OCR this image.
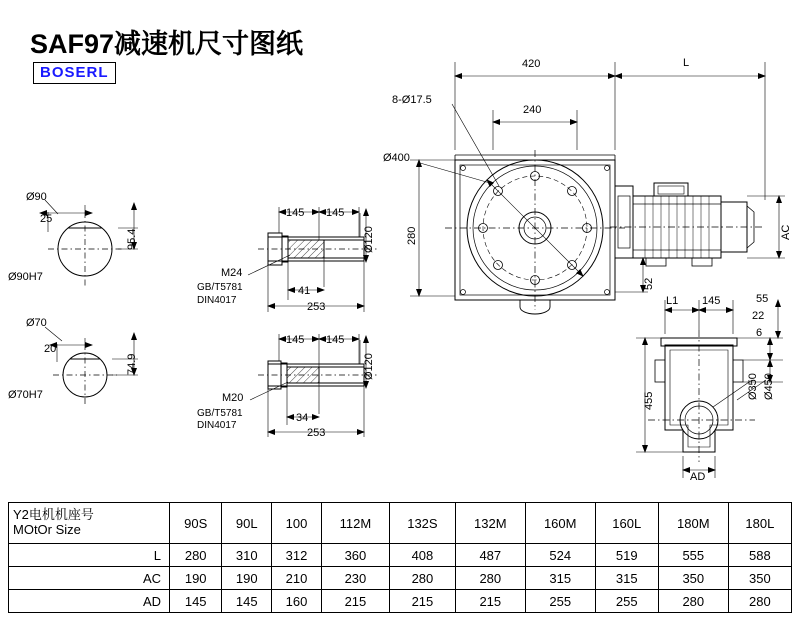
SAF97减速机尺寸图纸
BOSERL	420	L
8-Ø17.5
240
Ø400
AC
280
52
Ø90
25
95.4
Ø90H7
Ø70
20
74.9
Ø70H7
145 145
Ø120
M24
GB/T5781
DIN4017
41
253
145 145
Ø120
M20
GB/T5781
DIN4017
34
253
L1 145	55
22
6
455
Ø350 Ø450
AD
Y2电机机座号
MOtOr Size	90S	90L	100	112M	132S	132M	160M	160L	180M	180L
L	280	310	312	360	408	487	524	519	555	588
AC	190	190	210	230	280	280	315	315	350	350
AD	145	145	160	215	215	215	255	255	280	280
